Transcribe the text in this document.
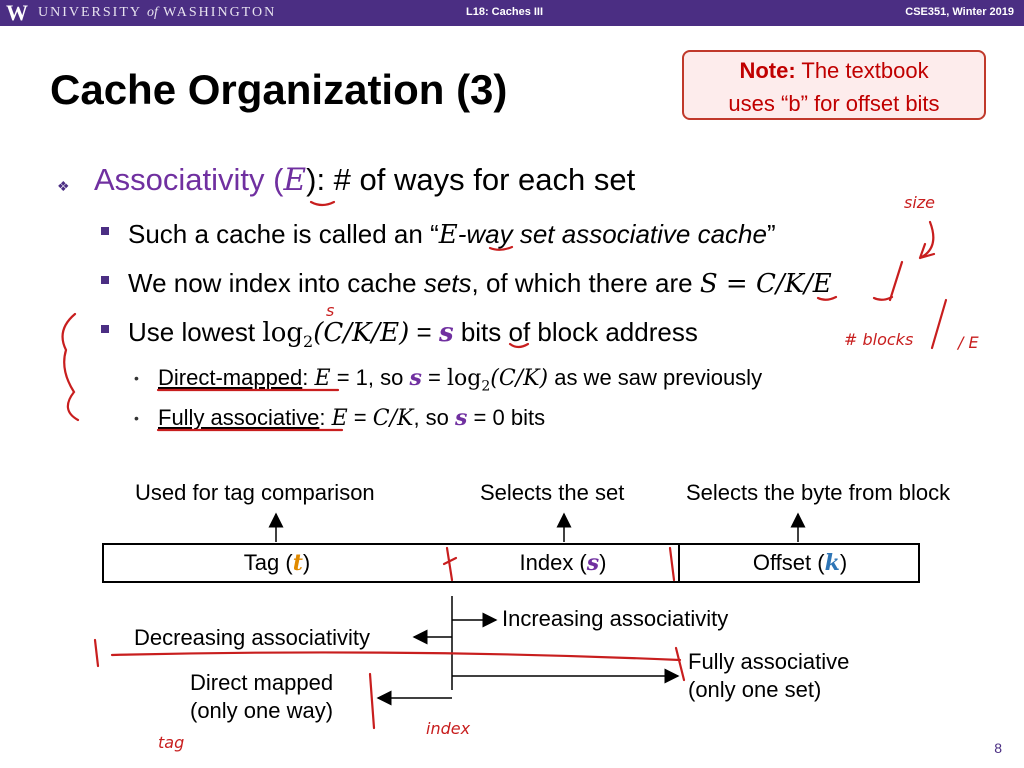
W UNIVERSITY of WASHINGTON	L18: Caches III	CSE351, Winter 2019
Cache Organization (3)	Note: The textbook
uses “b” for offset bits
❖ Associativity (E): # of ways for each set
Such a cache is called an “E-way set associative cache”
We now index into cache sets, of which there are S = C/K/E
Use lowest $\log_2(C/K/E) = s$ bits of block address
• Direct-mapped: E = 1, so $s = \log_2(C/K)$ as we saw previously
• Fully associative: E = C/K, so s = 0 bits
Used for tag comparison	Selects the set	Selects the byte from block
Tag (t)	Index (s)	Offset (k)
Increasing associativity
Decreasing associativity
Fully associative
(only one set)
Direct mapped
(only one way)
size
# blocks	/ E
s
index
tag	8
